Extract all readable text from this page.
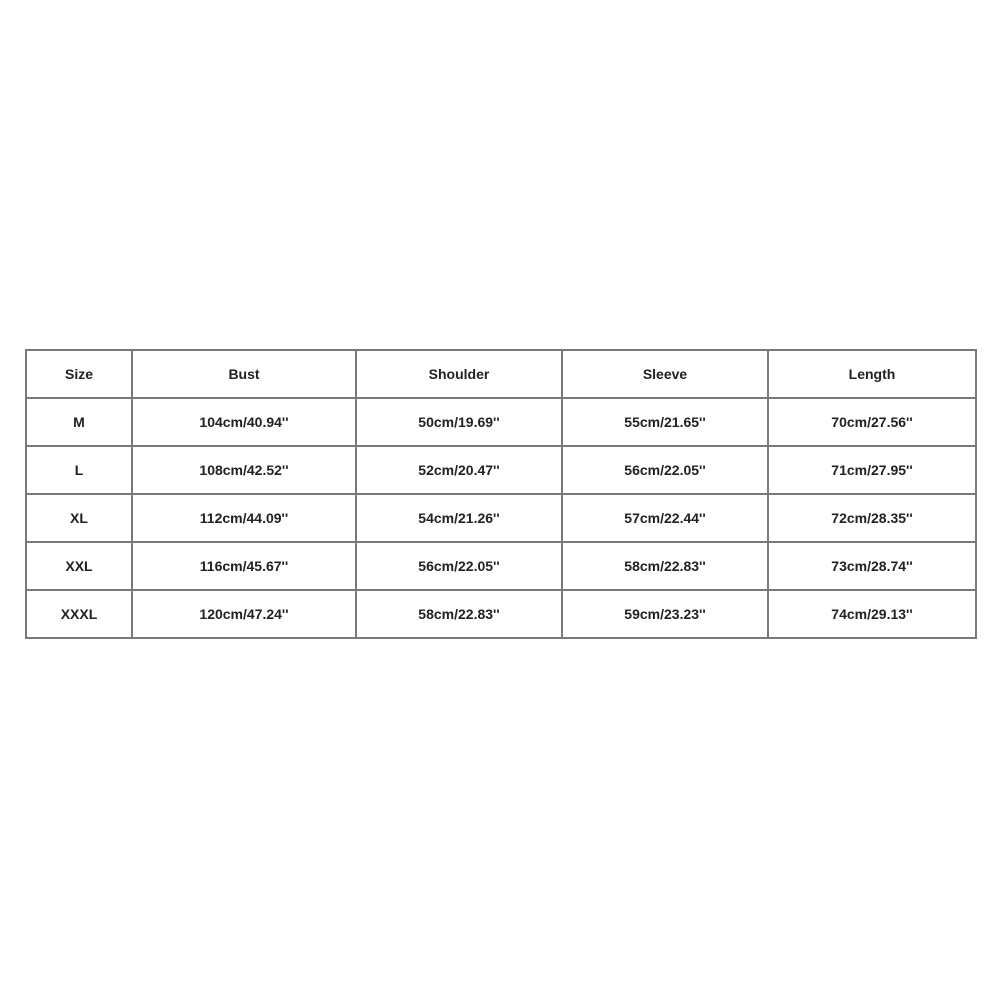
Size	Bust	Shoulder	Sleeve	Length
M	104cm/40.94''	50cm/19.69''	55cm/21.65''	70cm/27.56''
L	108cm/42.52''	52cm/20.47''	56cm/22.05''	71cm/27.95''
XL	112cm/44.09''	54cm/21.26''	57cm/22.44''	72cm/28.35''
XXL	116cm/45.67''	56cm/22.05''	58cm/22.83''	73cm/28.74''
XXXL	120cm/47.24''	58cm/22.83''	59cm/23.23''	74cm/29.13''
